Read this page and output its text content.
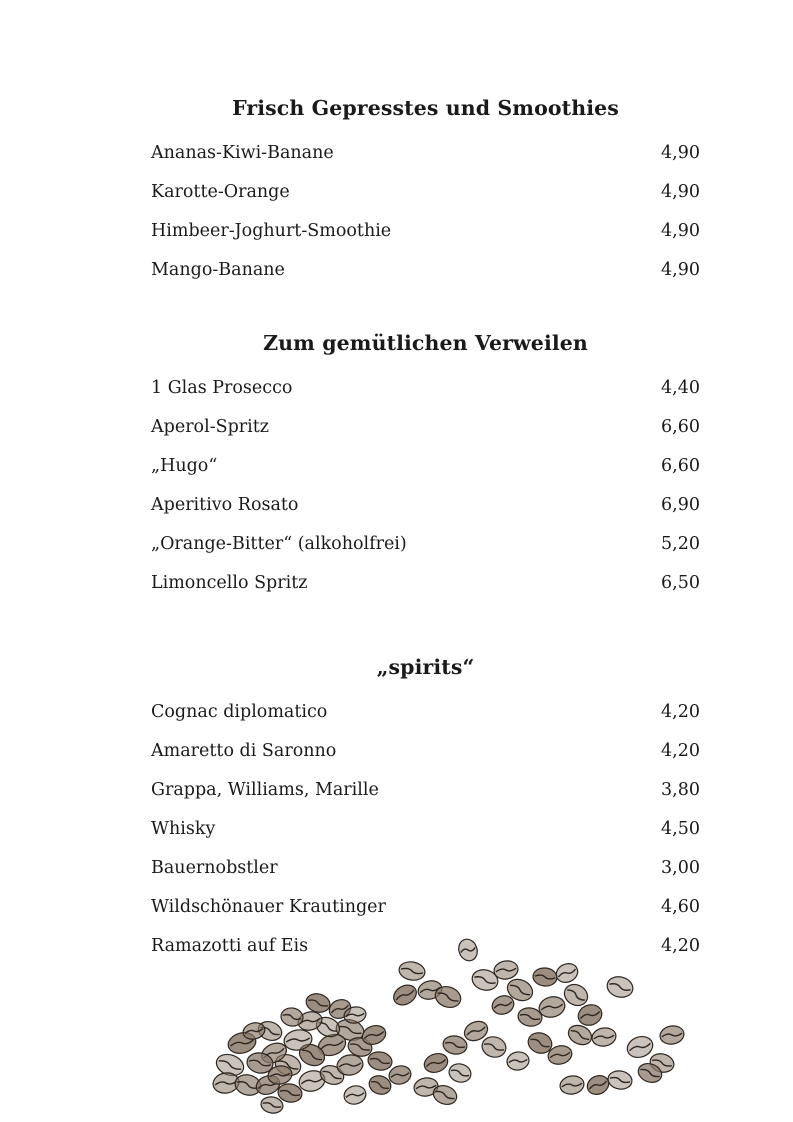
Frisch Gepresstes und Smoothies
Ananas-Kiwi-Banane	4,90
Karotte-Orange	4,90
Himbeer-Joghurt-Smoothie	4,90
Mango-Banane	4,90
Zum gemütlichen Verweilen
1 Glas Prosecco	4,40
Aperol-Spritz	6,60
„Hugo“	6,60
Aperitivo Rosato	6,90
„Orange-Bitter“ (alkoholfrei)	5,20
Limoncello Spritz	6,50
„spirits“
Cognac diplomatico	4,20
Amaretto di Saronno	4,20
Grappa, Williams, Marille	3,80
Whisky	4,50
Bauernobstler	3,00
Wildschönauer Krautinger	4,60
Ramazotti auf Eis	4,20
